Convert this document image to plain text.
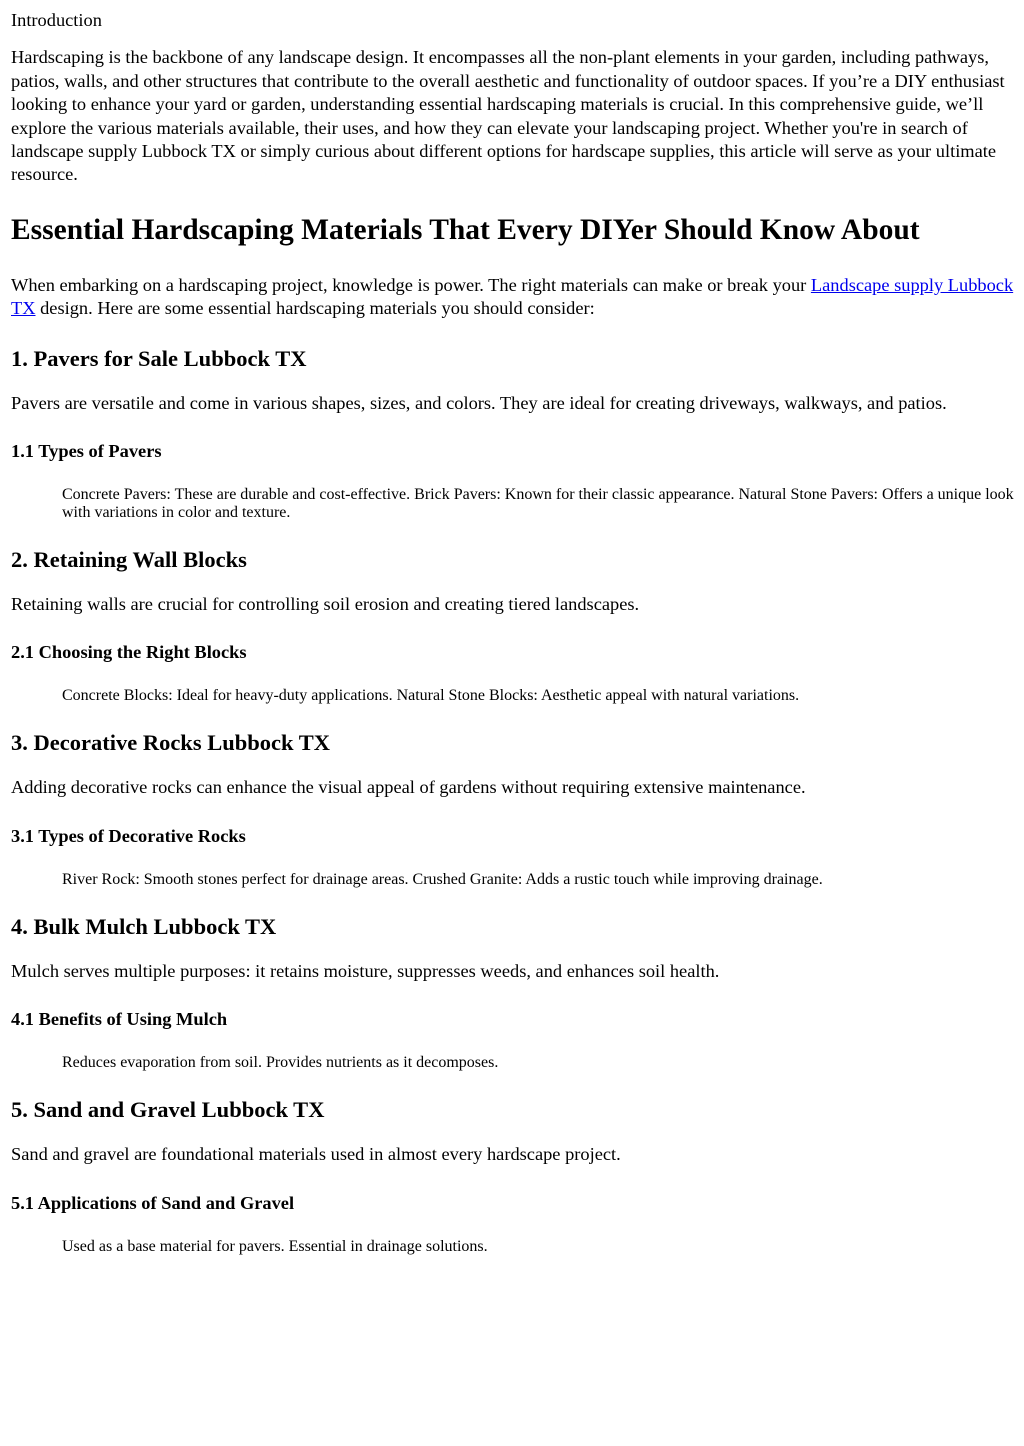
Introduction

Hardscaping is the backbone of any landscape design. It encompasses all the non-plant elements in your garden, including pathways, patios, walls, and other structures that contribute to the overall aesthetic and functionality of outdoor spaces. If you’re a DIY enthusiast looking to enhance your yard or garden, understanding essential hardscaping materials is crucial. In this comprehensive guide, we’ll explore the various materials available, their uses, and how they can elevate your landscaping project. Whether you're in search of landscape supply Lubbock TX or simply curious about different options for hardscape supplies, this article will serve as your ultimate resource.

Essential Hardscaping Materials That Every DIYer Should Know About

When embarking on a hardscaping project, knowledge is power. The right materials can make or break your Landscape supply Lubbock TX design. Here are some essential hardscaping materials you should consider:

1. Pavers for Sale Lubbock TX

Pavers are versatile and come in various shapes, sizes, and colors. They are ideal for creating driveways, walkways, and patios.

1.1 Types of Pavers
Concrete Pavers: These are durable and cost-effective. Brick Pavers: Known for their classic appearance. Natural Stone Pavers: Offers a unique look with variations in color and texture.
2. Retaining Wall Blocks

Retaining walls are crucial for controlling soil erosion and creating tiered landscapes.

2.1 Choosing the Right Blocks
Concrete Blocks: Ideal for heavy-duty applications. Natural Stone Blocks: Aesthetic appeal with natural variations.
3. Decorative Rocks Lubbock TX

Adding decorative rocks can enhance the visual appeal of gardens without requiring extensive maintenance.

3.1 Types of Decorative Rocks
River Rock: Smooth stones perfect for drainage areas. Crushed Granite: Adds a rustic touch while improving drainage.
4. Bulk Mulch Lubbock TX

Mulch serves multiple purposes: it retains moisture, suppresses weeds, and enhances soil health.

4.1 Benefits of Using Mulch
Reduces evaporation from soil. Provides nutrients as it decomposes.
5. Sand and Gravel Lubbock TX

Sand and gravel are foundational materials used in almost every hardscape project.

5.1 Applications of Sand and Gravel
Used as a base material for pavers. Essential in drainage solutions.
